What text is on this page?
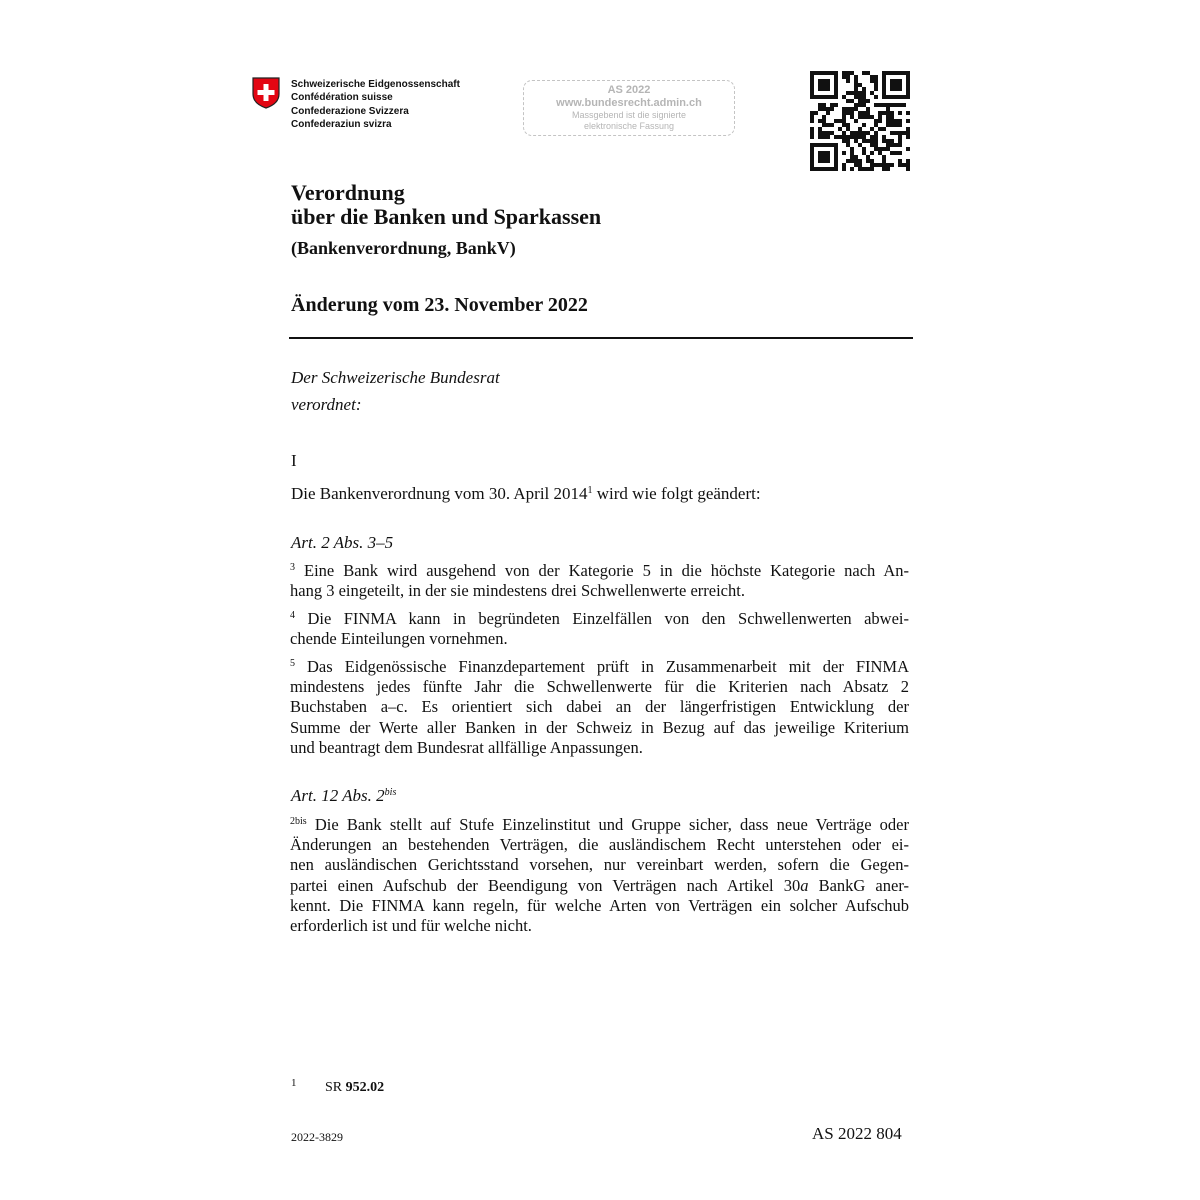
Schweizerische Eidgenossenschaft
Confédération suisse
Confederazione Svizzera
Confederaziun svizra
AS 2022
www.bundesrecht.admin.ch
Massgebend ist die signierte
elektronische Fassung
Verordnung
über die Banken und Sparkassen
(Bankenverordnung, BankV)
Änderung vom 23. November 2022
Der Schweizerische Bundesrat
verordnet:
I
Die Bankenverordnung vom 30. April 2014$^1$ wird wie folgt geändert:
Art. 2 Abs. 3–5
$^3$ Eine Bank wird ausgehend von der Kategorie 5 in die höchste Kategorie nach An-
hang 3 eingeteilt, in der sie mindestens drei Schwellenwerte erreicht.
$^4$ Die FINMA kann in begründeten Einzelfällen von den Schwellenwerten abwei-
chende Einteilungen vornehmen.
$^5$ Das Eidgenössische Finanzdepartement prüft in Zusammenarbeit mit der FINMA
mindestens jedes fünfte Jahr die Schwellenwerte für die Kriterien nach Absatz 2
Buchstaben a–c. Es orientiert sich dabei an der längerfristigen Entwicklung der
Summe der Werte aller Banken in der Schweiz in Bezug auf das jeweilige Kriterium
und beantragt dem Bundesrat allfällige Anpassungen.
Art. 12 Abs. $2^{bis}$
$^{2bis}$ Die Bank stellt auf Stufe Einzelinstitut und Gruppe sicher, dass neue Verträge oder
Änderungen an bestehenden Verträgen, die ausländischem Recht unterstehen oder ei-
nen ausländischen Gerichtsstand vorsehen, nur vereinbart werden, sofern die Gegen-
partei einen Aufschub der Beendigung von Verträgen nach Artikel 30a BankG aner-
kennt. Die FINMA kann regeln, für welche Arten von Verträgen ein solcher Aufschub
erforderlich ist und für welche nicht.
1 SR 952.02
2022-3829	AS 2022 804
